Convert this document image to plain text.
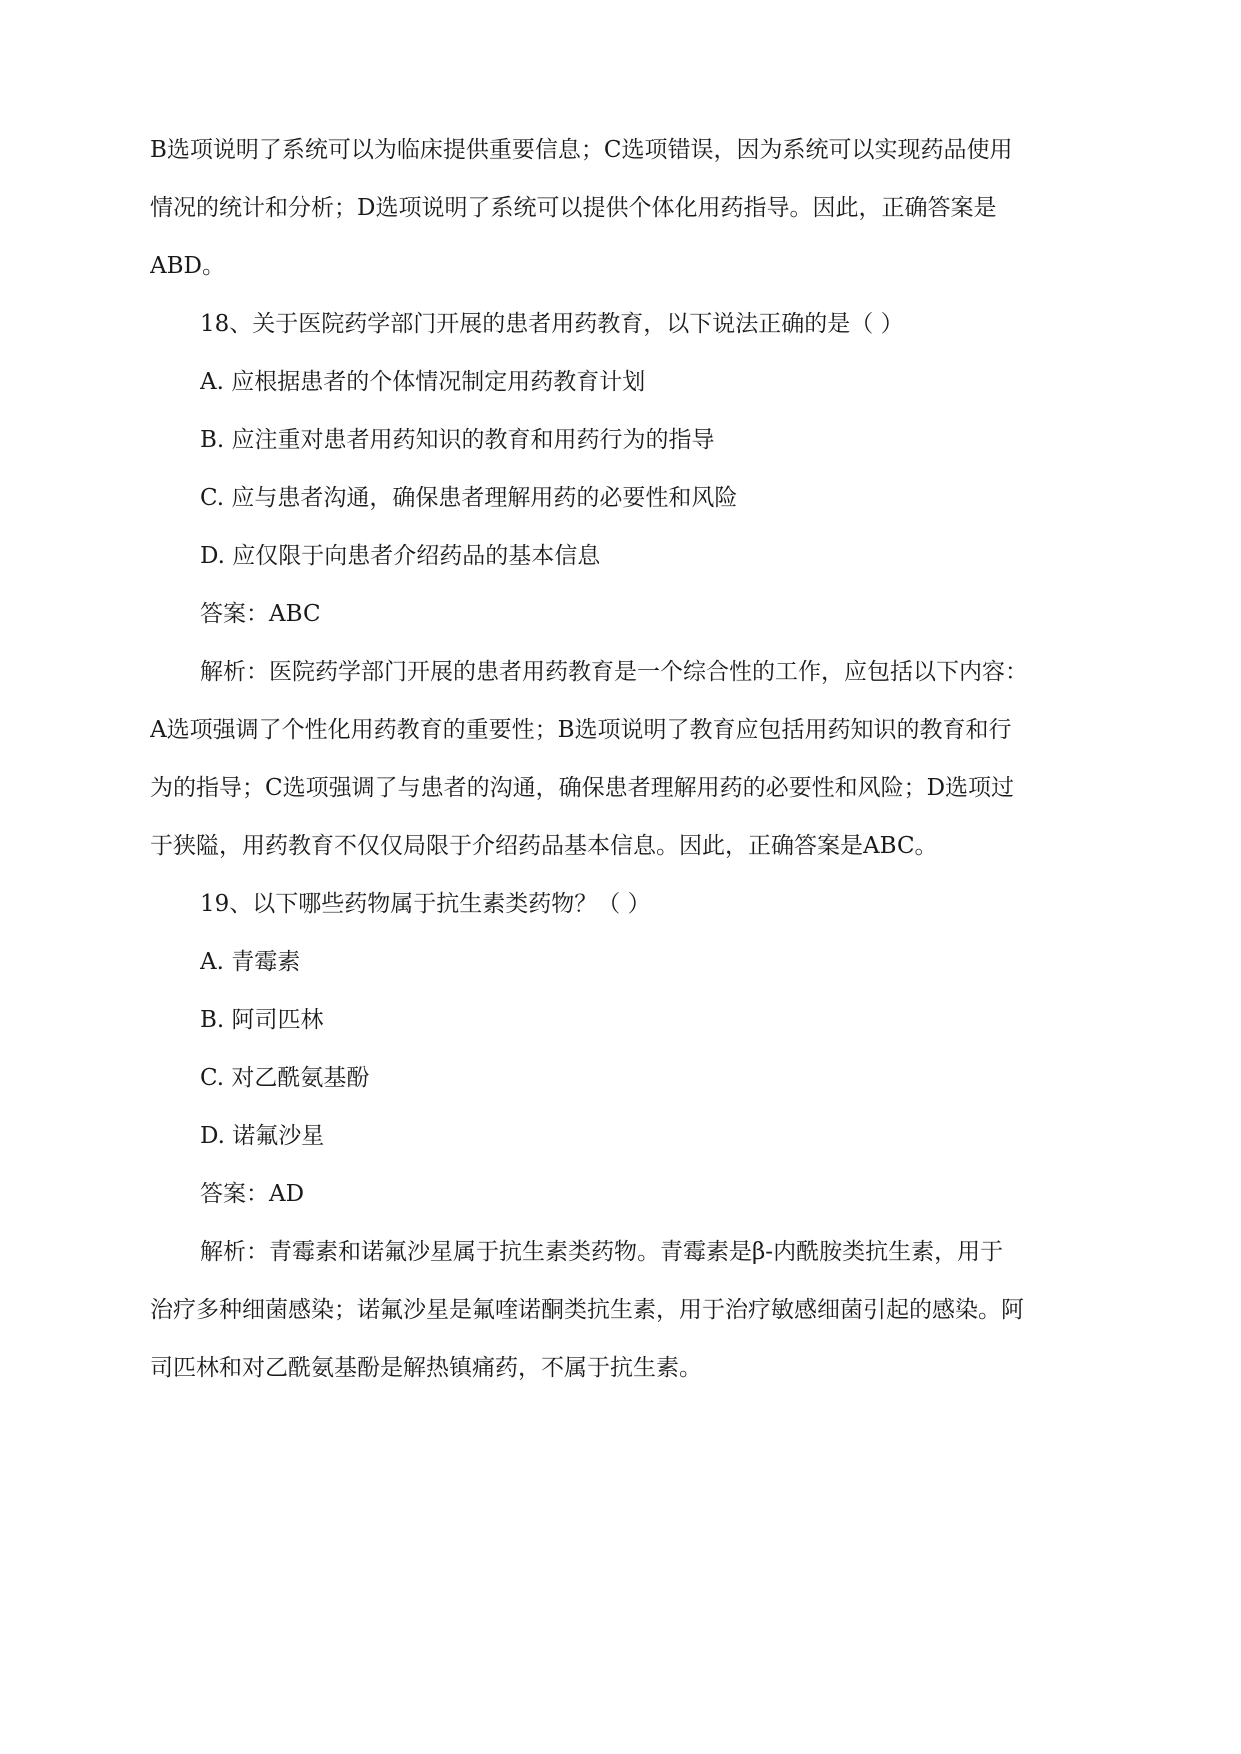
B选项说明了系统可以为临床提供重要信息；C选项错误，因为系统可以实现药品使用
情况的统计和分析；D选项说明了系统可以提供个体化用药指导。因此，正确答案是
ABD。
18、关于医院药学部门开展的患者用药教育，以下说法正确的是（ ）
A. 应根据患者的个体情况制定用药教育计划
B. 应注重对患者用药知识的教育和用药行为的指导
C. 应与患者沟通，确保患者理解用药的必要性和风险
D. 应仅限于向患者介绍药品的基本信息
答案：ABC
解析：医院药学部门开展的患者用药教育是一个综合性的工作，应包括以下内容：
A选项强调了个性化用药教育的重要性；B选项说明了教育应包括用药知识的教育和行
为的指导；C选项强调了与患者的沟通，确保患者理解用药的必要性和风险；D选项过
于狭隘，用药教育不仅仅局限于介绍药品基本信息。因此，正确答案是ABC。
19、以下哪些药物属于抗生素类药物？（ ）
A. 青霉素
B. 阿司匹林
C. 对乙酰氨基酚
D. 诺氟沙星
答案：AD
解析：青霉素和诺氟沙星属于抗生素类药物。青霉素是β-内酰胺类抗生素，用于
治疗多种细菌感染；诺氟沙星是氟喹诺酮类抗生素，用于治疗敏感细菌引起的感染。阿
司匹林和对乙酰氨基酚是解热镇痛药，不属于抗生素。
